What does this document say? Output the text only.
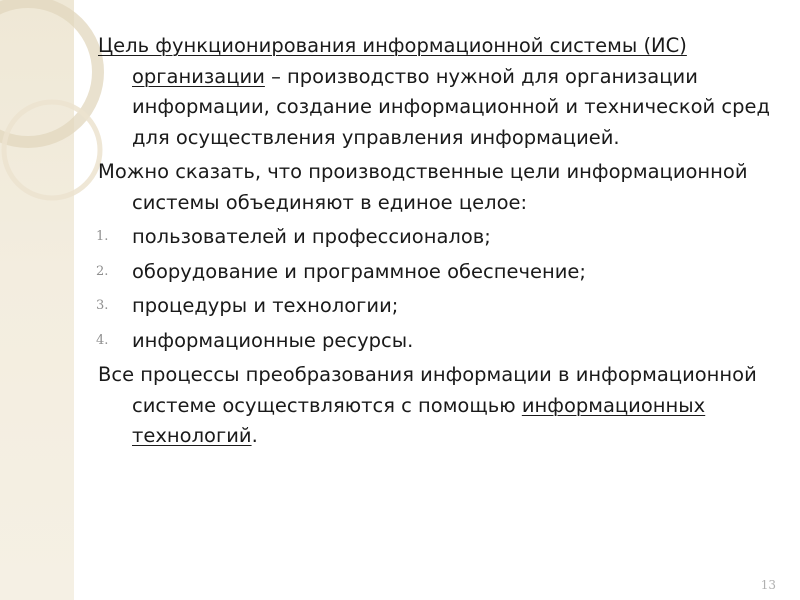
Цель функционирования информационной системы (ИС) организации – производство нужной для организации информации, создание информационной и технической сред для осуществления управления информацией.

Можно сказать, что производственные цели информационной системы объединяют в единое целое:

1. пользователей и профессионалов;
2. оборудование и программное обеспечение;
3. процедуры и технологии;
4. информационные ресурсы.

Все процессы преобразования информации в информационной системе осуществляются с помощью информационных технологий.

13
